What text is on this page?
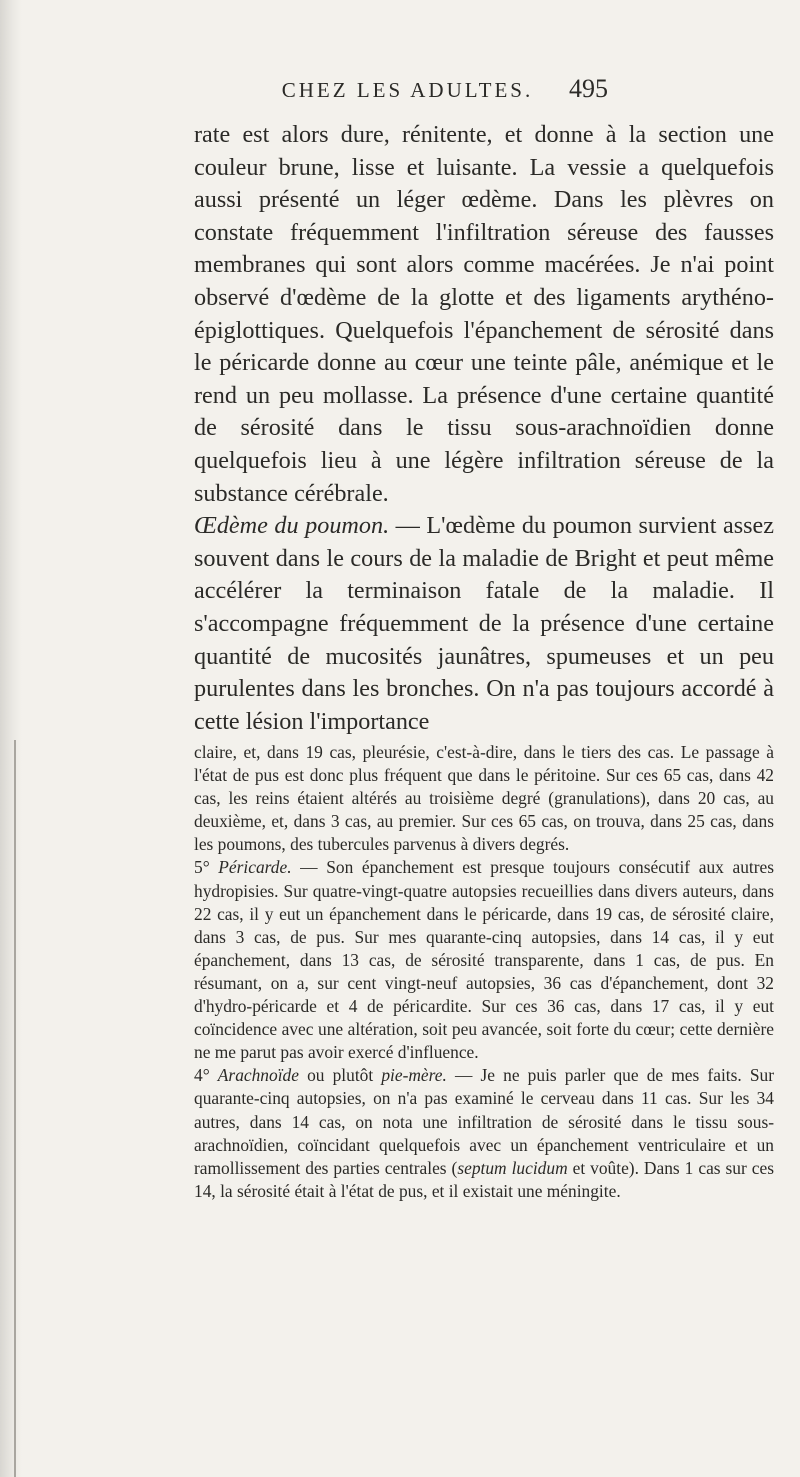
CHEZ LES ADULTES.	495

rate est alors dure, rénitente, et donne à la section une couleur brune, lisse et luisante. La vessie a quelquefois aussi présenté un léger œdème. Dans les plèvres on constate fréquemment l'infiltration séreuse des fausses membranes qui sont alors comme macérées. Je n'ai point observé d'œdème de la glotte et des ligaments arythéno-épiglottiques. Quelquefois l'épanchement de sérosité dans le péricarde donne au cœur une teinte pâle, anémique et le rend un peu mollasse. La présence d'une certaine quantité de sérosité dans le tissu sous-arachnoïdien donne quelquefois lieu à une légère infiltration séreuse de la substance cérébrale.

Œdème du poumon. — L'œdème du poumon survient assez souvent dans le cours de la maladie de Bright et peut même accélérer la terminaison fatale de la maladie. Il s'accompagne fréquemment de la présence d'une certaine quantité de mucosités jaunâtres, spumeuses et un peu purulentes dans les bronches. On n'a pas toujours accordé à cette lésion l'importance

claire, et, dans 19 cas, pleurésie, c'est-à-dire, dans le tiers des cas. Le passage à l'état de pus est donc plus fréquent que dans le péritoine. Sur ces 65 cas, dans 42 cas, les reins étaient altérés au troisième degré (granulations), dans 20 cas, au deuxième, et, dans 3 cas, au premier. Sur ces 65 cas, on trouva, dans 25 cas, dans les poumons, des tubercules parvenus à divers degrés.

5° Péricarde. — Son épanchement est presque toujours consécutif aux autres hydropisies. Sur quatre-vingt-quatre autopsies recueillies dans divers auteurs, dans 22 cas, il y eut un épanchement dans le péricarde, dans 19 cas, de sérosité claire, dans 3 cas, de pus. Sur mes quarante-cinq autopsies, dans 14 cas, il y eut épanchement, dans 13 cas, de sérosité transparente, dans 1 cas, de pus. En résumant, on a, sur cent vingt-neuf autopsies, 36 cas d'épanchement, dont 32 d'hydro-péricarde et 4 de péricardite. Sur ces 36 cas, dans 17 cas, il y eut coïncidence avec une altération, soit peu avancée, soit forte du cœur; cette dernière ne me parut pas avoir exercé d'influence.

4° Arachnoïde ou plutôt pie-mère. — Je ne puis parler que de mes faits. Sur quarante-cinq autopsies, on n'a pas examiné le cerveau dans 11 cas. Sur les 34 autres, dans 14 cas, on nota une infiltration de sérosité dans le tissu sous-arachnoïdien, coïncidant quelquefois avec un épanchement ventriculaire et un ramollissement des parties centrales (septum lucidum et voûte). Dans 1 cas sur ces 14, la sérosité était à l'état de pus, et il existait une méningite.
